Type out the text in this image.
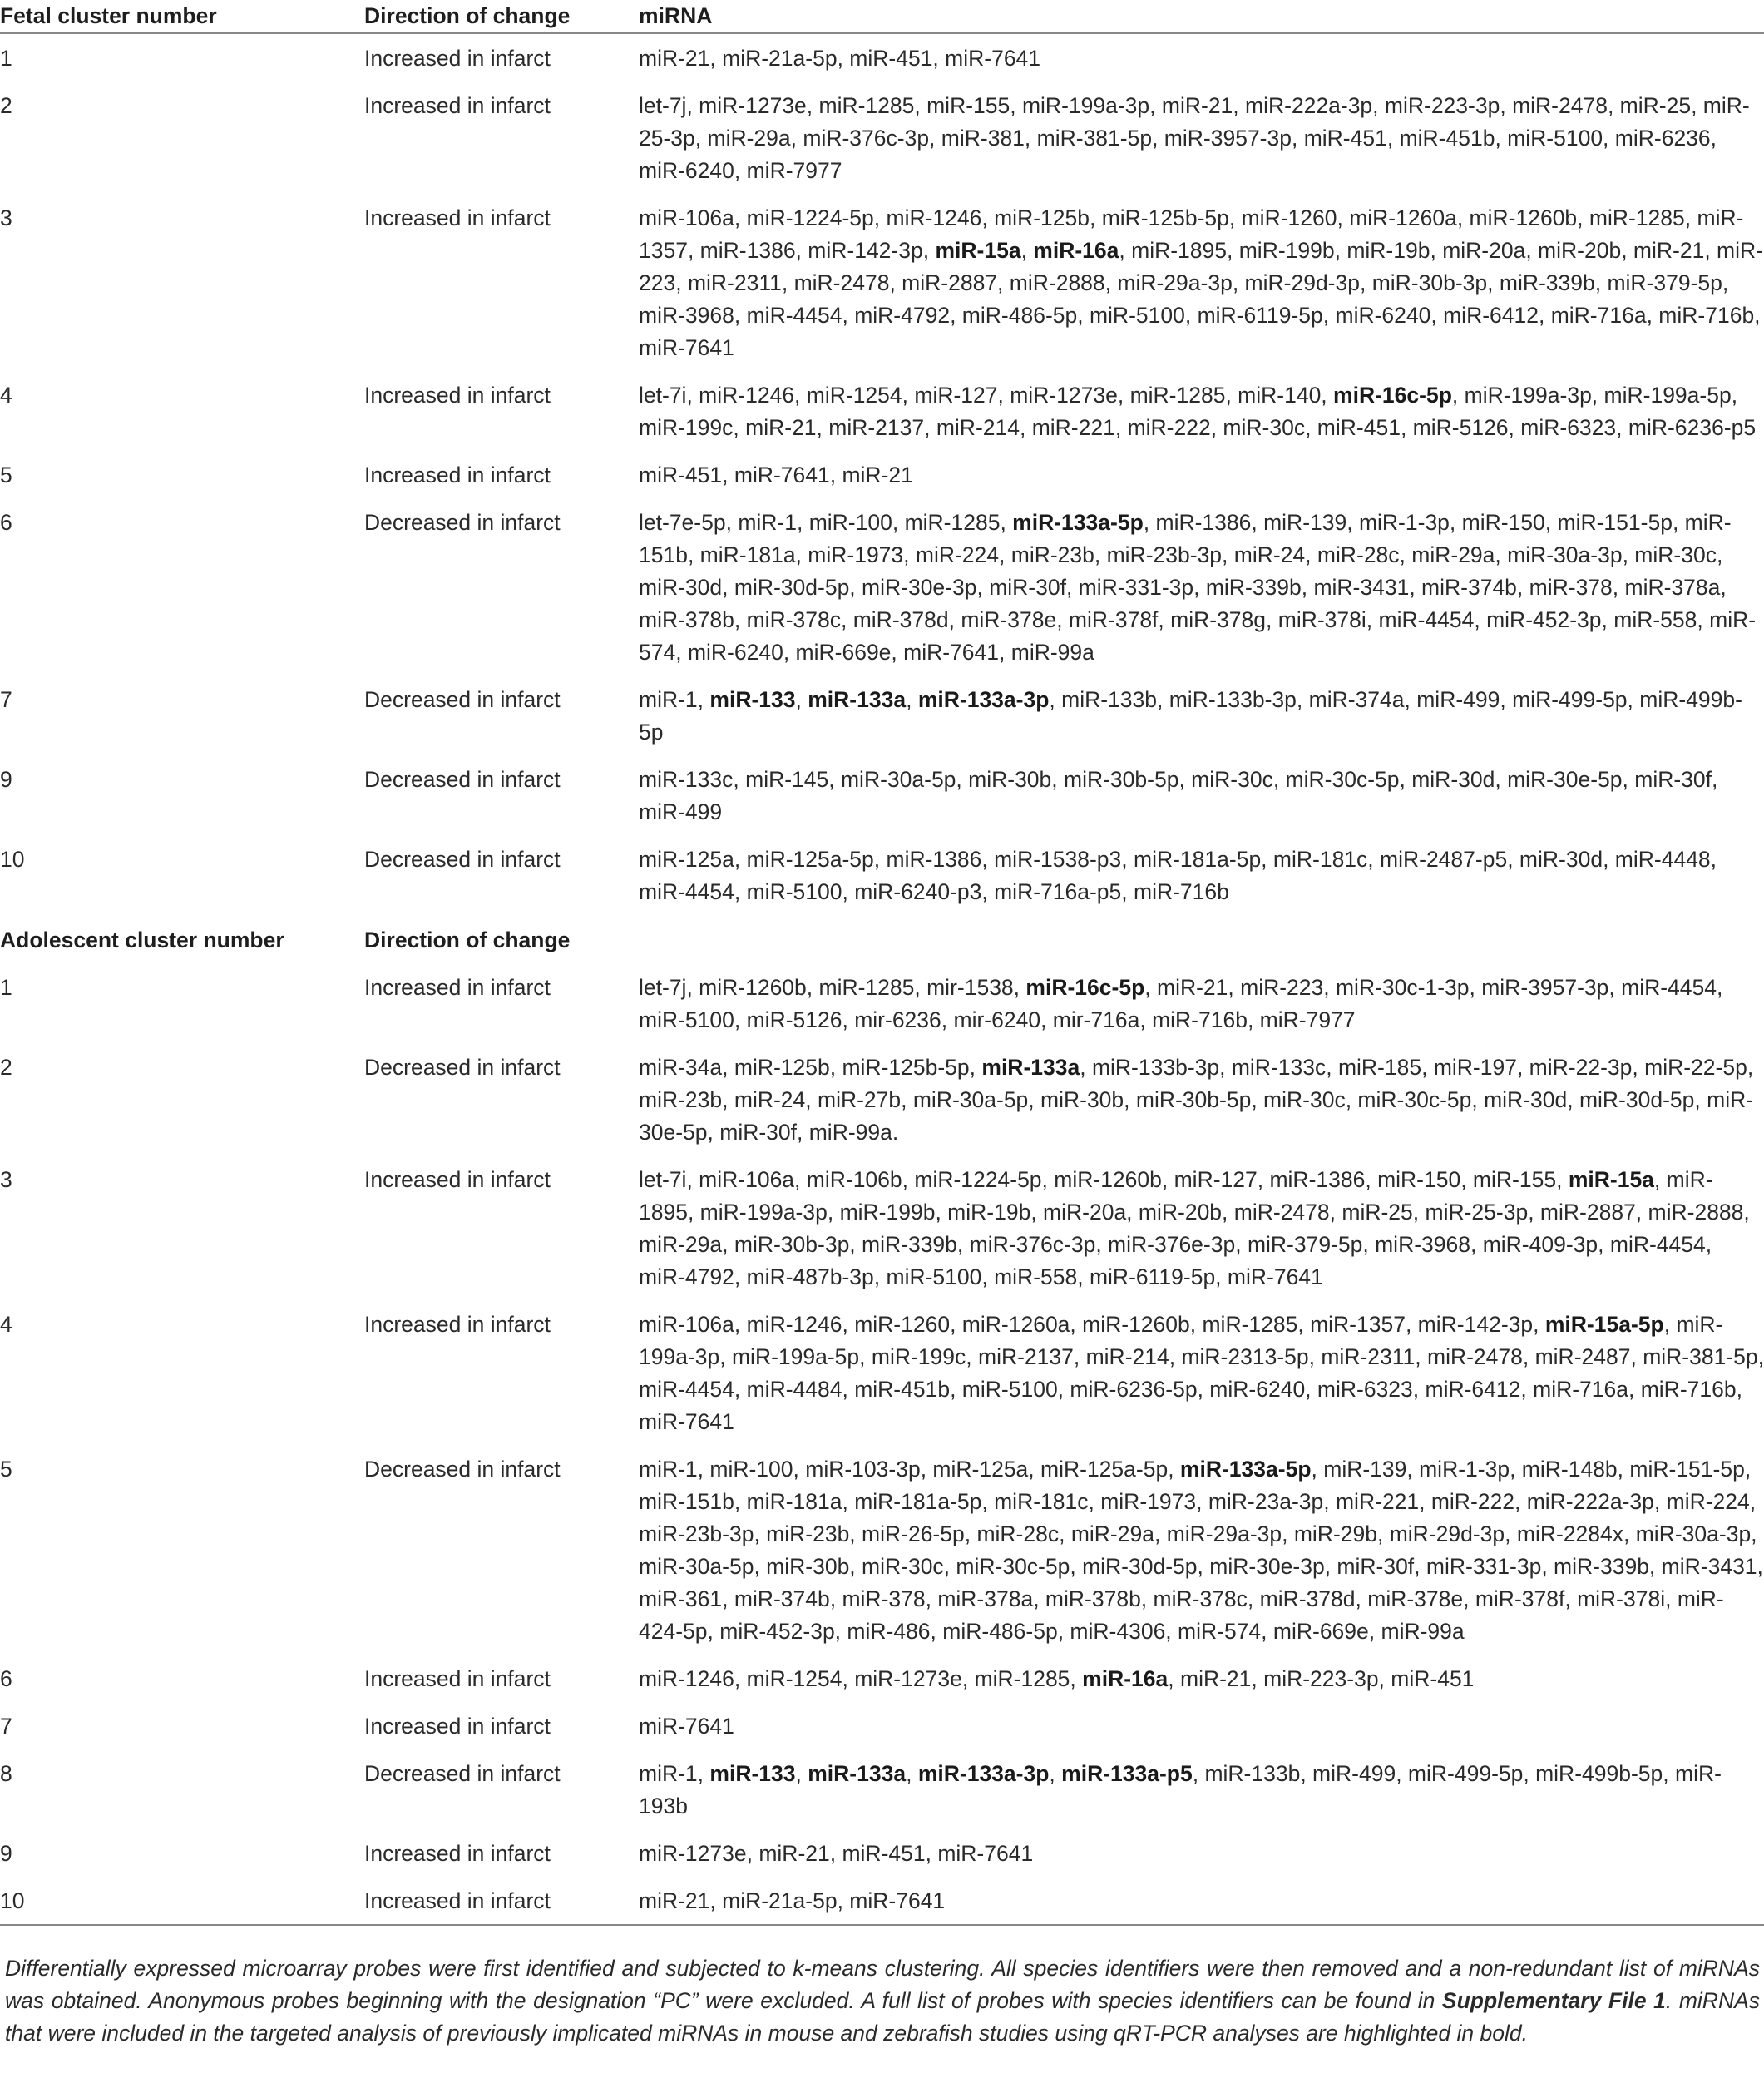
Fetal cluster number	Direction of change	miRNA
1	Increased in infarct	miR-21, miR-21a-5p, miR-451, miR-7641
2	Increased in infarct	let-7j, miR-1273e, miR-1285, miR-155, miR-199a-3p, miR-21, miR-222a-3p, miR-223-3p, miR-2478, miR-25, miR-25-3p, miR-29a, miR-376c-3p, miR-381, miR-381-5p, miR-3957-3p, miR-451, miR-451b, miR-5100, miR-6236, miR-6240, miR-7977
3	Increased in infarct	miR-106a, miR-1224-5p, miR-1246, miR-125b, miR-125b-5p, miR-1260, miR-1260a, miR-1260b, miR-1285, miR-1357, miR-1386, miR-142-3p, miR-15a, miR-16a, miR-1895, miR-199b, miR-19b, miR-20a, miR-20b, miR-21, miR-223, miR-2311, miR-2478, miR-2887, miR-2888, miR-29a-3p, miR-29d-3p, miR-30b-3p, miR-339b, miR-379-5p, miR-3968, miR-4454, miR-4792, miR-486-5p, miR-5100, miR-6119-5p, miR-6240, miR-6412, miR-716a, miR-716b, miR-7641
4	Increased in infarct	let-7i, miR-1246, miR-1254, miR-127, miR-1273e, miR-1285, miR-140, miR-16c-5p, miR-199a-3p, miR-199a-5p, miR-199c, miR-21, miR-2137, miR-214, miR-221, miR-222, miR-30c, miR-451, miR-5126, miR-6323, miR-6236-p5
5	Increased in infarct	miR-451, miR-7641, miR-21
6	Decreased in infarct	let-7e-5p, miR-1, miR-100, miR-1285, miR-133a-5p, miR-1386, miR-139, miR-1-3p, miR-150, miR-151-5p, miR-151b, miR-181a, miR-1973, miR-224, miR-23b, miR-23b-3p, miR-24, miR-28c, miR-29a, miR-30a-3p, miR-30c, miR-30d, miR-30d-5p, miR-30e-3p, miR-30f, miR-331-3p, miR-339b, miR-3431, miR-374b, miR-378, miR-378a, miR-378b, miR-378c, miR-378d, miR-378e, miR-378f, miR-378g, miR-378i, miR-4454, miR-452-3p, miR-558, miR-574, miR-6240, miR-669e, miR-7641, miR-99a
7	Decreased in infarct	miR-1, miR-133, miR-133a, miR-133a-3p, miR-133b, miR-133b-3p, miR-374a, miR-499, miR-499-5p, miR-499b-5p
9	Decreased in infarct	miR-133c, miR-145, miR-30a-5p, miR-30b, miR-30b-5p, miR-30c, miR-30c-5p, miR-30d, miR-30e-5p, miR-30f, miR-499
10	Decreased in infarct	miR-125a, miR-125a-5p, miR-1386, miR-1538-p3, miR-181a-5p, miR-181c, miR-2487-p5, miR-30d, miR-4448, miR-4454, miR-5100, miR-6240-p3, miR-716a-p5, miR-716b
Adolescent cluster number	Direction of change	
1	Increased in infarct	let-7j, miR-1260b, miR-1285, mir-1538, miR-16c-5p, miR-21, miR-223, miR-30c-1-3p, miR-3957-3p, miR-4454, miR-5100, miR-5126, mir-6236, mir-6240, mir-716a, miR-716b, miR-7977
2	Decreased in infarct	miR-34a, miR-125b, miR-125b-5p, miR-133a, miR-133b-3p, miR-133c, miR-185, miR-197, miR-22-3p, miR-22-5p, miR-23b, miR-24, miR-27b, miR-30a-5p, miR-30b, miR-30b-5p, miR-30c, miR-30c-5p, miR-30d, miR-30d-5p, miR-30e-5p, miR-30f, miR-99a.
3	Increased in infarct	let-7i, miR-106a, miR-106b, miR-1224-5p, miR-1260b, miR-127, miR-1386, miR-150, miR-155, miR-15a, miR-1895, miR-199a-3p, miR-199b, miR-19b, miR-20a, miR-20b, miR-2478, miR-25, miR-25-3p, miR-2887, miR-2888, miR-29a, miR-30b-3p, miR-339b, miR-376c-3p, miR-376e-3p, miR-379-5p, miR-3968, miR-409-3p, miR-4454, miR-4792, miR-487b-3p, miR-5100, miR-558, miR-6119-5p, miR-7641
4	Increased in infarct	miR-106a, miR-1246, miR-1260, miR-1260a, miR-1260b, miR-1285, miR-1357, miR-142-3p, miR-15a-5p, miR-199a-3p, miR-199a-5p, miR-199c, miR-2137, miR-214, miR-2313-5p, miR-2311, miR-2478, miR-2487, miR-381-5p, miR-4454, miR-4484, miR-451b, miR-5100, miR-6236-5p, miR-6240, miR-6323, miR-6412, miR-716a, miR-716b, miR-7641
5	Decreased in infarct	miR-1, miR-100, miR-103-3p, miR-125a, miR-125a-5p, miR-133a-5p, miR-139, miR-1-3p, miR-148b, miR-151-5p, miR-151b, miR-181a, miR-181a-5p, miR-181c, miR-1973, miR-23a-3p, miR-221, miR-222, miR-222a-3p, miR-224, miR-23b-3p, miR-23b, miR-26-5p, miR-28c, miR-29a, miR-29a-3p, miR-29b, miR-29d-3p, miR-2284x, miR-30a-3p, miR-30a-5p, miR-30b, miR-30c, miR-30c-5p, miR-30d-5p, miR-30e-3p, miR-30f, miR-331-3p, miR-339b, miR-3431, miR-361, miR-374b, miR-378, miR-378a, miR-378b, miR-378c, miR-378d, miR-378e, miR-378f, miR-378i, miR-424-5p, miR-452-3p, miR-486, miR-486-5p, miR-4306, miR-574, miR-669e, miR-99a
6	Increased in infarct	miR-1246, miR-1254, miR-1273e, miR-1285, miR-16a, miR-21, miR-223-3p, miR-451
7	Increased in infarct	miR-7641
8	Decreased in infarct	miR-1, miR-133, miR-133a, miR-133a-3p, miR-133a-p5, miR-133b, miR-499, miR-499-5p, miR-499b-5p, miR-193b
9	Increased in infarct	miR-1273e, miR-21, miR-451, miR-7641
10	Increased in infarct	miR-21, miR-21a-5p, miR-7641
Differentially expressed microarray probes were first identified and subjected to k-means clustering. All species identifiers were then removed and a non-redundant list of miRNAs was obtained. Anonymous probes beginning with the designation “PC” were excluded. A full list of probes with species identifiers can be found in Supplementary File 1. miRNAs that were included in the targeted analysis of previously implicated miRNAs in mouse and zebrafish studies using qRT-PCR analyses are highlighted in bold.
